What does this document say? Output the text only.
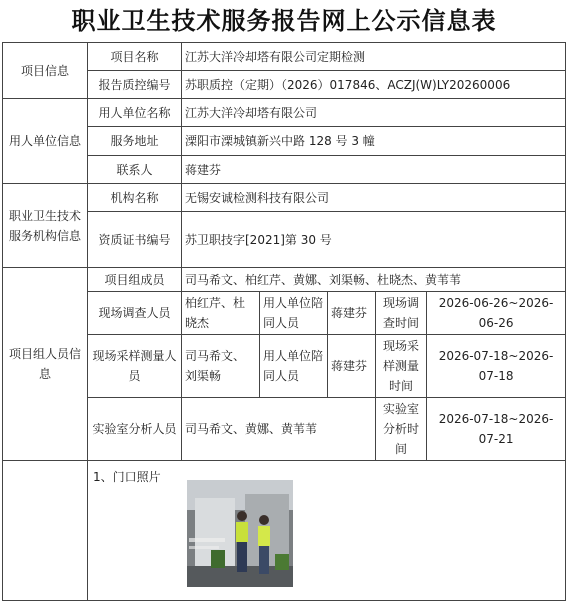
职业卫生技术服务报告网上公示信息表
项目信息	项目名称	江苏大洋冷却塔有限公司定期检测				
	报告质控编号	苏职质控（定期）（2026）017846、ACZJ(W)LY20260006				
用人单位信息	用人单位名称	江苏大洋冷却塔有限公司				
	服务地址	溧阳市溧城镇新兴中路 128 号 3 幢				
	联系人	蒋建芬				
职业卫生技术服务机构信息	机构名称	无锡安诚检测科技有限公司				
	资质证书编号	苏卫职技字[2021]第 30 号				
项目组人员信息	项目组成员	司马希文、柏红芹、黄娜、刘渠畅、杜晓杰、黄苇苇				
	现场调查人员	柏红芹、杜晓杰	用人单位陪同人员	蒋建芬	现场调查时间	2026-06-26~2026-06-26
	现场采样测量人员	司马希文、刘渠畅	用人单位陪同人员	蒋建芬	现场采样测量时间	2026-07-18~2026-07-18
	实验室分析人员	司马希文、黄娜、黄苇苇			实验室分析时间	2026-07-18~2026-07-21
	1、门口照片					
